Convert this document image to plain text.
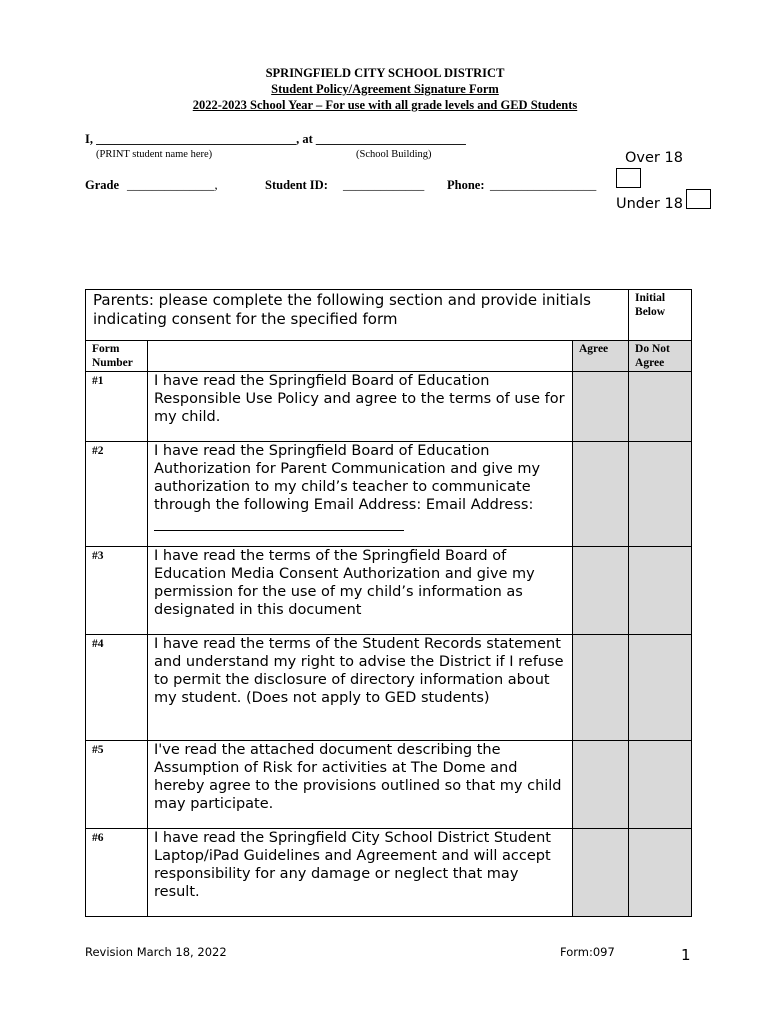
SPRINGFIELD CITY SCHOOL DISTRICT
Student Policy/Agreement Signature Form
2022-2023 School Year – For use with all grade levels and GED Students
I, ________________________________, at ________________________
(PRINT student name here)	(School Building)	Over 18
Under 18
Grade ______________,	Student ID: _____________ Phone: _________________
Parents: please complete the following section and provide initials indicating consent for the specified form			Initial Below
Form Number		Agree	Do Not Agree
#1	I have read the Springfield Board of Education Responsible Use Policy and agree to the terms of use for my child.		
#2	I have read the Springfield Board of Education Authorization for Parent Communication and give my authorization to my child’s teacher to communicate through the following Email Address: Email Address:

#3	I have read the terms of the Springfield Board of Education Media Consent Authorization and give my permission for the use of my child’s information as designated in this document		
#4	I have read the terms of the Student Records statement and understand my right to advise the District if I refuse to permit the disclosure of directory information about my student. (Does not apply to GED students)		
#5	I've read the attached document describing the Assumption of Risk for activities at The Dome and hereby agree to the provisions outlined so that my child may participate.		
#6	I have read the Springfield City School District Student Laptop/iPad Guidelines and Agreement and will accept responsibility for any damage or neglect that may result.		
Revision March 18, 2022	Form:097	1
